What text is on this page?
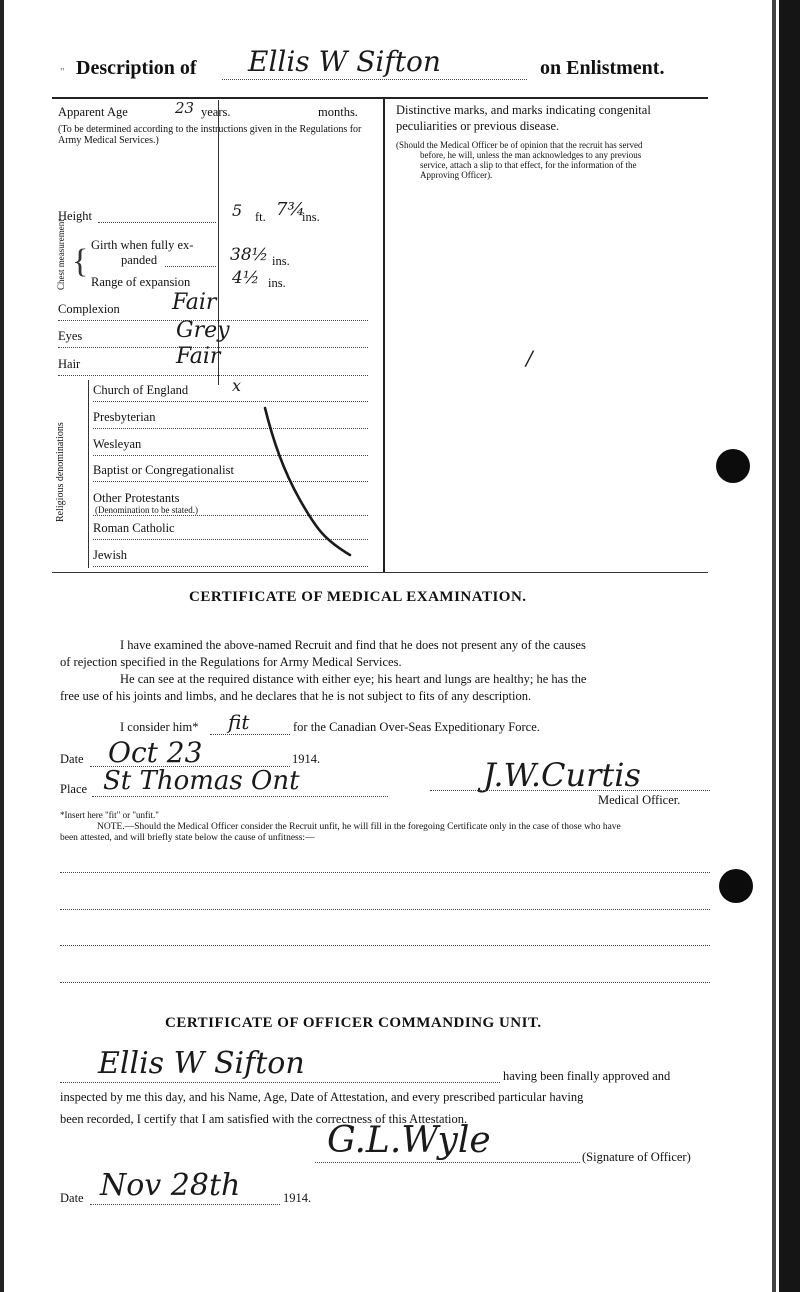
" Description of Ellis W Sifton	on Enlistment.
Apparent Age	23 years.	months.
(To be determined according to the instructions given in the Regulations for Army Medical Services.)
Height	5 ft. 7¾
ins.
Chest measurement { Girth when fully ex-
panded	38½ ins.
Range of expansion 4½ ins.
Complexion Fair
Eyes	Grey
Hair	Fair
Religious denominations
Church of England	x
Presbyterian
Wesleyan
Baptist or Congregationalist
Other Protestants
(Denomination to be stated.)
Roman Catholic
Jewish
Distinctive marks, and marks indicating congenital
peculiarities or previous disease.
(Should the Medical Officer be of opinion that the recruit has served
before, he will, unless the man acknowledges to any previous
service, attach a slip to that effect, for the information of the
Approving Officer).
/
CERTIFICATE OF MEDICAL EXAMINATION.
I have examined the above-named Recruit and find that he does not present any of the causes
of rejection specified in the Regulations for Army Medical Services.
He can see at the required distance with either eye; his heart and lungs are healthy; he has the
free use of his joints and limbs, and he declares that he is not subject to fits of any description.
I consider him* fit	for the Canadian Over-Seas Expeditionary Force.
Date Oct 23	1914.
Place St Thomas Ont	J.W.Curtis
Medical Officer.
*Insert here "fit" or "unfit."
NOTE.—Should the Medical Officer consider the Recruit unfit, he will fill in the foregoing Certificate only in the case of those who have
been attested, and will briefly state below the cause of unfitness:—
CERTIFICATE OF OFFICER COMMANDING UNIT.
Ellis W Sifton	having been finally approved and
inspected by me this day, and his Name, Age, Date of Attestation, and every prescribed particular having
been recorded, I certify that I am satisfied with the correctness of this Attestation.
G.L.Wyle	(Signature of Officer)
Date Nov 28th	1914.
